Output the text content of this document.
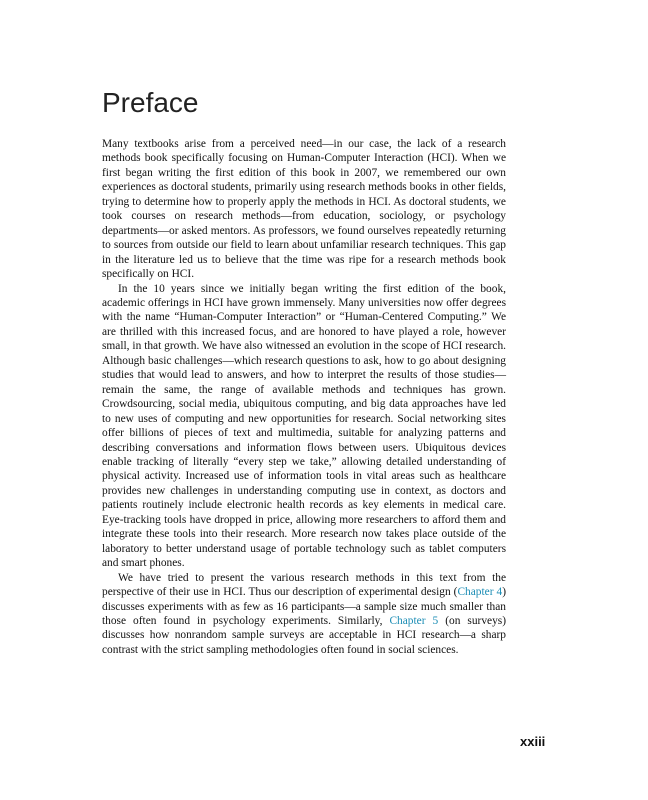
Preface

Many textbooks arise from a perceived need—in our case, the lack of a research methods book specifically focusing on Human-Computer Interaction (HCI). When we first began writing the first edition of this book in 2007, we remembered our own experiences as doctoral students, primarily using research methods books in other fields, trying to determine how to properly apply the methods in HCI. As doctoral students, we took courses on research methods—from education, sociology, or psychology departments—or asked mentors. As professors, we found ourselves repeatedly returning to sources from outside our field to learn about unfamiliar research techniques. This gap in the literature led us to believe that the time was ripe for a research methods book specifically on HCI.

In the 10 years since we initially began writing the first edition of the book, academic offerings in HCI have grown immensely. Many universities now offer degrees with the name “Human-Computer Interaction” or “Human-Centered Computing.” We are thrilled with this increased focus, and are honored to have played a role, however small, in that growth. We have also witnessed an evolution in the scope of HCI research. Although basic challenges—which research questions to ask, how to go about designing studies that would lead to answers, and how to interpret the results of those studies—remain the same, the range of available methods and techniques has grown. Crowdsourcing, social media, ubiquitous computing, and big data approaches have led to new uses of computing and new opportunities for research. Social networking sites offer billions of pieces of text and multimedia, suitable for analyzing patterns and describing conversations and information flows between users. Ubiquitous devices enable tracking of literally “every step we take,” allowing detailed understanding of physical activity. Increased use of information tools in vital areas such as healthcare provides new challenges in understanding computing use in context, as doctors and patients routinely include electronic health records as key elements in medical care. Eye-tracking tools have dropped in price, allowing more researchers to afford them and integrate these tools into their research. More research now takes place outside of the laboratory to better understand usage of portable technology such as tablet computers and smart phones.

We have tried to present the various research methods in this text from the perspective of their use in HCI. Thus our description of experimental design (Chapter 4) discusses experiments with as few as 16 participants—a sample size much smaller than those often found in psychology experiments. Similarly, Chapter 5 (on surveys) discusses how nonrandom sample surveys are acceptable in HCI research—a sharp contrast with the strict sampling methodologies often found in social sciences.

xxiii
